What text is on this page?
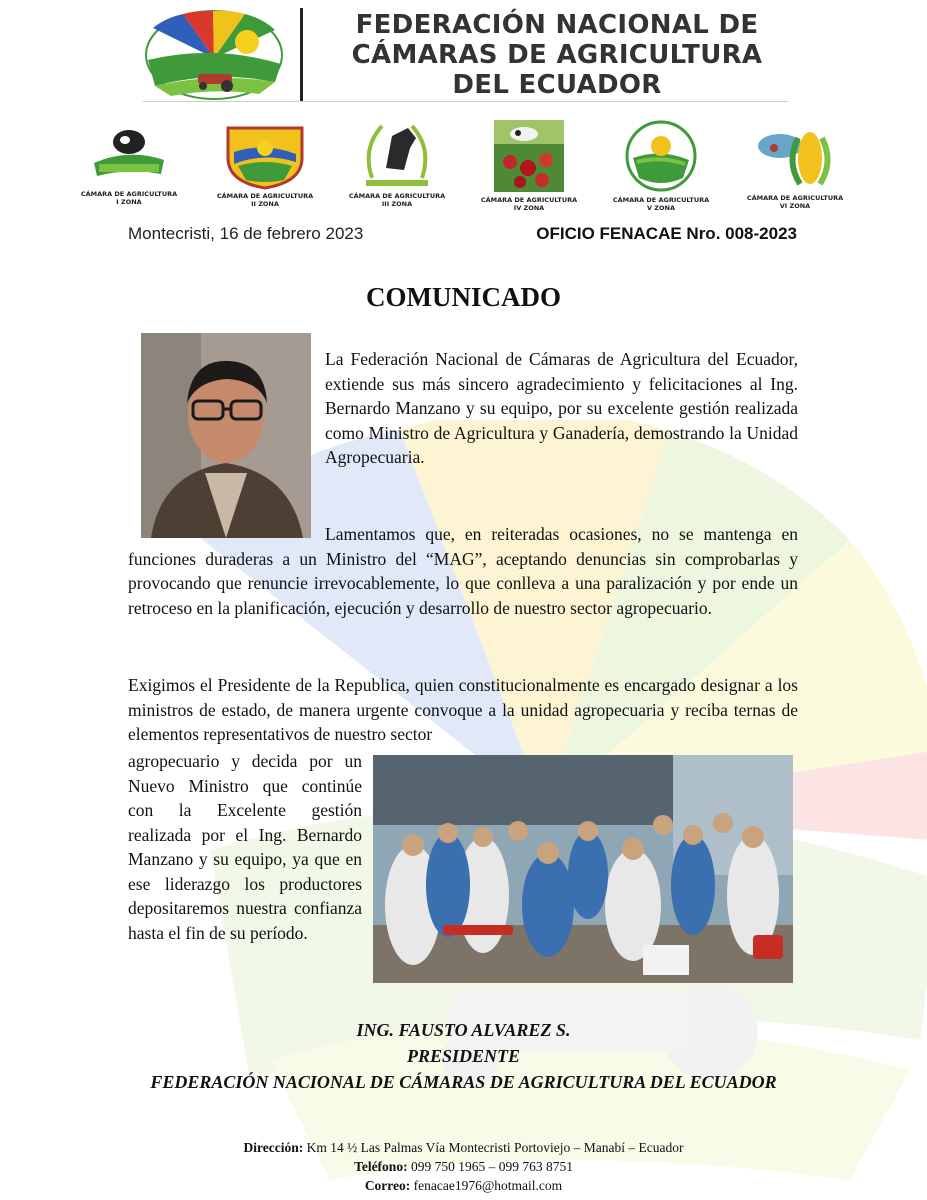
FEDERACIÓN NACIONAL DE
CÁMARAS DE AGRICULTURA
DEL ECUADOR
CÁMARA DE AGRICULTURA
I ZONA
CÁMARA DE AGRICULTURA
II ZONA
CÁMARA DE AGRICULTURA
III ZONA	CÁMARA DE AGRICULTURA
IV ZONA
CÁMARA DE AGRICULTURA
V ZONA
CÁMARA DE AGRICULTURA
VI ZONA
Montecristi, 16 de febrero 2023	OFICIO FENACAE Nro. 008-2023
COMUNICADO
La Federación Nacional de Cámaras de Agricultura del Ecuador, extiende sus más sincero agradecimiento y felicitaciones al Ing. Bernardo Manzano y su equipo, por su excelente gestión realizada como Ministro de Agricultura y Ganadería, demostrando la Unidad Agropecuaria.
Lamentamos que, en reiteradas ocasiones, no se mantenga en funciones duraderas a un Ministro del “MAG”, aceptando denuncias sin comprobarlas y provocando que renuncie irrevocablemente, lo que conlleva a una paralización y por ende un retroceso en la planificación, ejecución y desarrollo de nuestro sector agropecuario.
Exigimos el Presidente de la Republica, quien constitucionalmente es encargado designar a los ministros de estado, de manera urgente convoque a la unidad agropecuaria y reciba ternas de elementos representativos de nuestro sector
agropecuario y decida por un Nuevo Ministro que continúe con la Excelente gestión realizada por el Ing. Bernardo Manzano y su equipo, ya que en ese liderazgo los productores depositaremos nuestra confianza hasta el fin de su período.
ING. FAUSTO ALVAREZ S.
PRESIDENTE
FEDERACIÓN NACIONAL DE CÁMARAS DE AGRICULTURA DEL ECUADOR
Dirección: Km 14 ½ Las Palmas Vía Montecristi Portoviejo – Manabí – Ecuador
Teléfono: 099 750 1965 – 099 763 8751
Correo: fenacae1976@hotmail.com
